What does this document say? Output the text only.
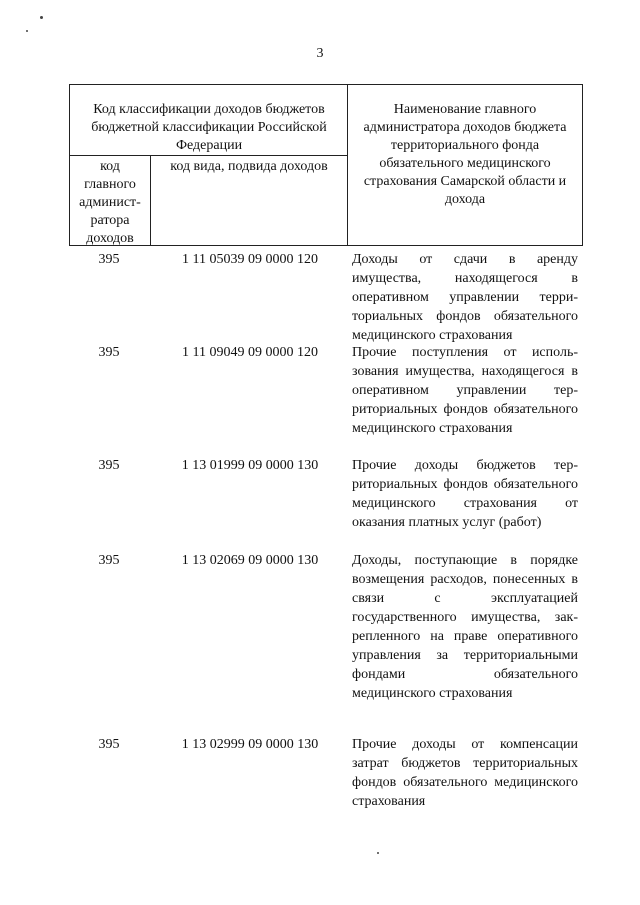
3
Код классификации доходов бюджетов бюджетной классификации Российской Федерации
код главного админист-ратора доходов
код вида, подвида доходов
Наименование главного администратора доходов бюджета территориального фонда обязательного медицинского страхования Самарской области и дохода
395	1 11 05039 09 0000 120	Доходы от сдачи в аренду имущества, находящегося в оперативном управлении территориальных фондов обязательного медицинского страхования
395	1 11 09049 09 0000 120	Прочие поступления от использования имущества, находящегося в оперативном управлении территориальных фондов обязательного медицинского страхования
395	1 13 01999 09 0000 130	Прочие доходы бюджетов территориальных фондов обязательного медицинского страхования от оказания платных услуг (работ)
395	1 13 02069 09 0000 130	Доходы, поступающие в порядке возмещения расходов, понесенных в связи с эксплуатацией государственного имущества, закрепленного на праве оперативного управления за территориальными фондами обязательного медицинского страхования
395	1 13 02999 09 0000 130	Прочие доходы от компенсации затрат бюджетов территориальных фондов обязательного медицинского страхования
